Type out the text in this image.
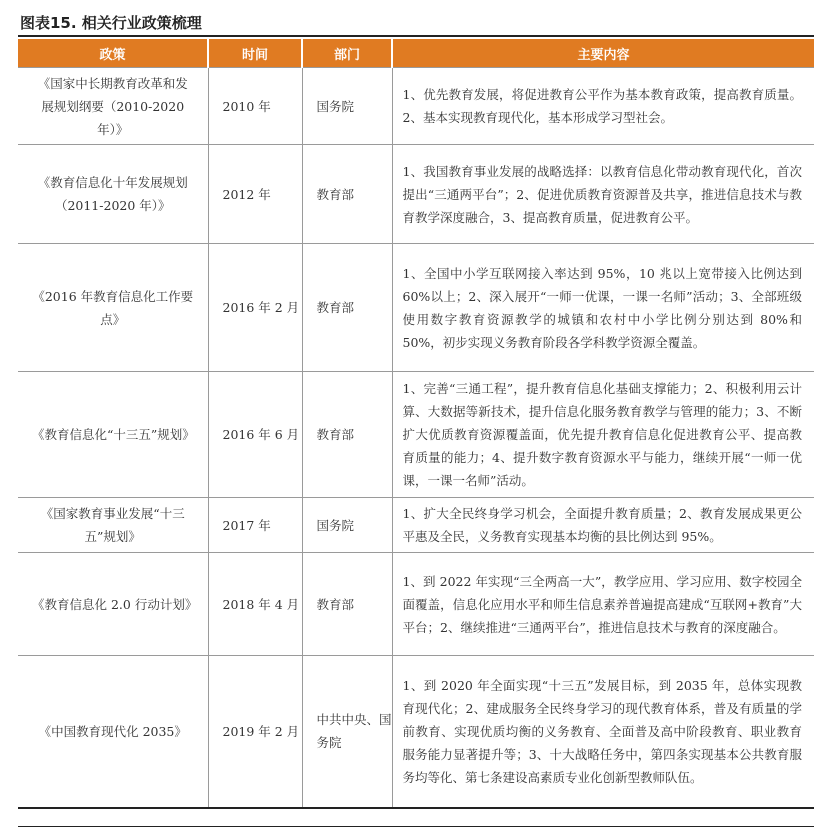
图表15. 相关行业政策梳理
政策	时间	部门	主要内容
《国家中长期教育改革和发展规划纲要（2010-2020年）》	2010 年	国务院	1、优先教育发展，将促进教育公平作为基本教育政策，提高教育质量。2、基本实现教育现代化，基本形成学习型社会。
《教育信息化十年发展规划（2011-2020 年）》	2012 年	教育部	1、我国教育事业发展的战略选择：以教育信息化带动教育现代化，首次提出“三通两平台”；2、促进优质教育资源普及共享，推进信息技术与教育教学深度融合，3、提高教育质量，促进教育公平。
《2016 年教育信息化工作要点》	2016 年 2 月	教育部	1、全国中小学互联网接入率达到 95%，10 兆以上宽带接入比例达到 60%以上；2、深入展开“一师一优课，一课一名师”活动；3、全部班级使用数字教育资源教学的城镇和农村中小学比例分别达到 80%和 50%，初步实现义务教育阶段各学科教学资源全覆盖。
《教育信息化“十三五”规划》	2016 年 6 月	教育部	1、完善“三通工程”，提升教育信息化基础支撑能力；2、积极利用云计算、大数据等新技术，提升信息化服务教育教学与管理的能力；3、不断扩大优质教育资源覆盖面，优先提升教育信息化促进教育公平、提高教育质量的能力；4、提升数字教育资源水平与能力，继续开展“一师一优课，一课一名师”活动。
《国家教育事业发展“十三五”规划》	2017 年	国务院	1、扩大全民终身学习机会，全面提升教育质量；2、教育发展成果更公平惠及全民，义务教育实现基本均衡的县比例达到 95%。
《教育信息化 2.0 行动计划》	2018 年 4 月	教育部	1、到 2022 年实现“三全两高一大”，教学应用、学习应用、数字校园全面覆盖，信息化应用水平和师生信息素养普遍提高建成“互联网+教育”大平台；2、继续推进“三通两平台”，推进信息技术与教育的深度融合。
《中国教育现代化 2035》	2019 年 2 月	中共中央、国务院	1、到 2020 年全面实现“十三五”发展目标，到 2035 年，总体实现教育现代化；2、建成服务全民终身学习的现代教育体系，普及有质量的学前教育、实现优质均衡的义务教育、全面普及高中阶段教育、职业教育服务能力显著提升等；3、十大战略任务中，第四条实现基本公共教育服务均等化、第七条建设高素质专业化创新型教师队伍。
